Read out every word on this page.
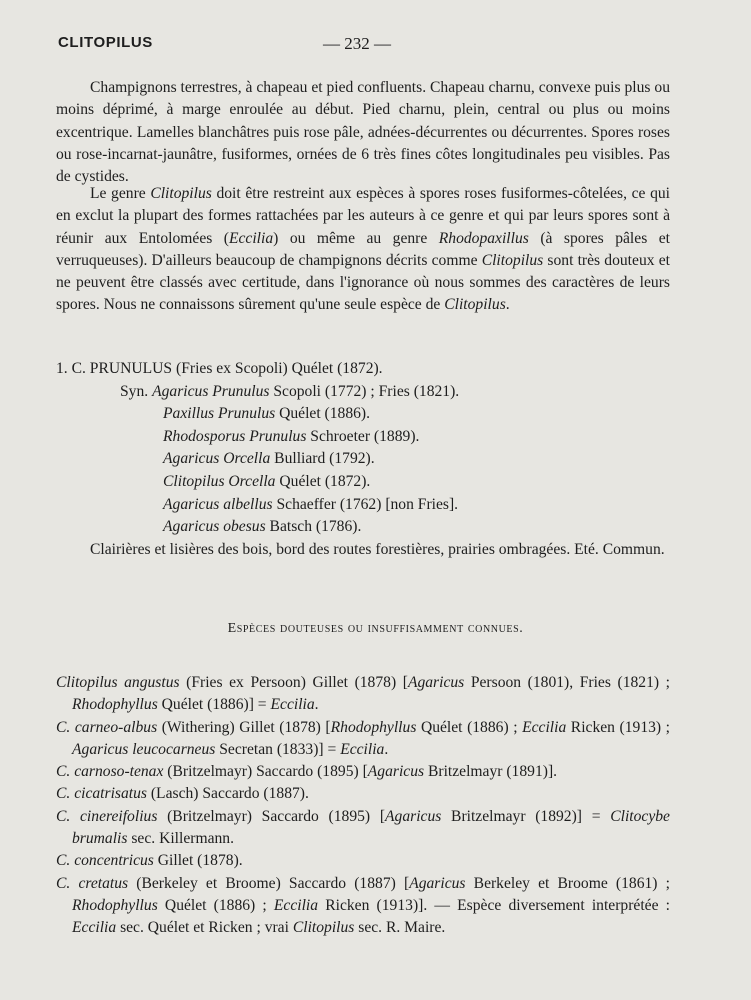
CLITOPILUS	— 232 —

Champignons terrestres, à chapeau et pied confluents. Chapeau charnu, convexe puis plus ou moins déprimé, à marge enroulée au début. Pied charnu, plein, central ou plus ou moins excentrique. Lamelles blanchâtres puis rose pâle, adnées-décurrentes ou décurrentes. Spores roses ou rose-incarnat-jaunâtre, fusiformes, ornées de 6 très fines côtes longitudinales peu visibles. Pas de cystides.

Le genre Clitopilus doit être restreint aux espèces à spores roses fusiformes-côtelées, ce qui en exclut la plupart des formes rattachées par les auteurs à ce genre et qui par leurs spores sont à réunir aux Entolomées (Eccilia) ou même au genre Rhodopaxillus (à spores pâles et verruqueuses). D'ailleurs beaucoup de champignons décrits comme Clitopilus sont très douteux et ne peuvent être classés avec certitude, dans l'ignorance où nous sommes des caractères de leurs spores. Nous ne connaissons sûrement qu'une seule espèce de Clitopilus.

1. C. PRUNULUS (Fries ex Scopoli) Quélet (1872).
Syn. Agaricus Prunulus Scopoli (1772) ; Fries (1821).
Paxillus Prunulus Quélet (1886).
Rhodosporus Prunulus Schroeter (1889).
Agaricus Orcella Bulliard (1792).
Clitopilus Orcella Quélet (1872).
Agaricus albellus Schaeffer (1762) [non Fries].
Agaricus obesus Batsch (1786).

Clairières et lisières des bois, bord des routes forestières, prairies ombragées. Eté. Commun.

Espèces douteuses ou insuffisamment connues.

Clitopilus angustus (Fries ex Persoon) Gillet (1878) [Agaricus Persoon (1801), Fries (1821) ; Rhodophyllus Quélet (1886)] = Eccilia.

C. carneo-albus (Withering) Gillet (1878) [Rhodophyllus Quélet (1886) ; Eccilia Ricken (1913) ; Agaricus leucocarneus Secretan (1833)] = Eccilia.

C. carnoso-tenax (Britzelmayr) Saccardo (1895) [Agaricus Britzelmayr (1891)].

C. cicatrisatus (Lasch) Saccardo (1887).

C. cinereifolius (Britzelmayr) Saccardo (1895) [Agaricus Britzelmayr (1892)] = Clitocybe brumalis sec. Killermann.

C. concentricus Gillet (1878).

C. cretatus (Berkeley et Broome) Saccardo (1887) [Agaricus Berkeley et Broome (1861) ; Rhodophyllus Quélet (1886) ; Eccilia Ricken (1913)]. — Espèce diversement interprétée : Eccilia sec. Quélet et Ricken ; vrai Clitopilus sec. R. Maire.
